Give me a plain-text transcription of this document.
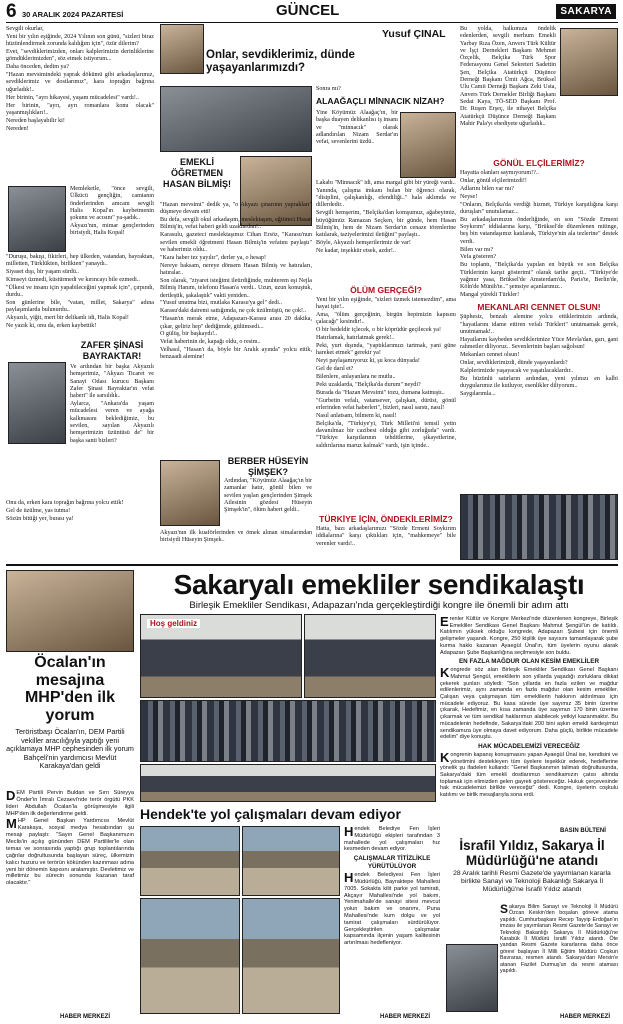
6 30 ARALIK 2024 PAZARTESİ	GÜNCEL	SAKARYA
Yusuf ÇINAL
Onlar, sevdiklerimiz, dünde yaşayanlarımızdı?

Sevgili okurlar,

Yeni bir yılın eşiğinde, 2024 Yılının son günü, "sizleri biraz hüzünlendirmek zorunda kaldığım için", özür dilerim?

Evet, "sevdiklerimizden, onları kalplerimizin derinliklerine gömdüklerimizden", söz etmek istiyorum...

Daha önceden, dedim ya?

"Hazan mevsimindeki yaprak dökümü gibi arkadaşlarımız, sevdiklerimiz ve dostlarımız", kara toprağın bağrına uğurladık!..

Her birinin, "ayrı hikayesi, yaşam mücadelesi" vardı!..

Her birinin, "ayrı, ayrı romanlara konu olacak" yaşanmışlıkları!..

Nereden başlayabilir ki!

Nereden!

Memleketle, "önce sevgili, Ülkücü gençliğin, camianın önderlerinden amcam sevgili Halis Kopal'ın kaybetmenin şokunu ve acısını" ya-şadık..

Akyazı'nın, mimar gençlerinden birisiydi, Halis Kopal!

"Duruşu, bakışı, fikirleri, hep ülkeden, vatandan, bayraktan, milletten, Türklükten, birlikten" yanaydı..

Siyaset dışı, bir yaşam sürdü..

Kimseyi üzmedi, küstürmedi ve kırıncayı bile ezmedi..

"Ülkesi ve insanı için yapabileceğini yapmak için", çırpındı, durdu..

Son günlerine bile, "vatan, millet, Sakarya" adına paylaşımlarda bulunurdu..

Akyazılı, yiğit, mert bir delikanlı idi, Halis Kopal!

Ne yazık ki, onu da, erken kaybettik!

ZAFER ŞİNASİ BAYRAKTAR!

Ve ardından bir başka Akyazılı hemşerimiz, "Akyazı Ticaret ve Sanayi Odası kurucu Başkanı Zafer Şinasi Bayraktar'ın vefat haberi" ile sarsıldık..

Aylarca, "Ankara'da yaşam mücadelesi veren ve ayağa kalkmasını beklediğimiz, bu sevilen, sayılan Akyazılı hemşerimizin üzüntüsü de" bir başka santi bizleri?

Onu da, erken kara toprağın bağrına yolcu ettik!

Gel de üzülme, yas tutma!

Sözün bittiği yer, burası ya!

EMEKLİ ÖĞRETMEN HASAN BİLMİŞ!

"Hazan mevsimi" dedik ya, "o Akyazı çınarının yaprakları" düşmeye devam etti!

Bu defa, sevgili okul arkadaşım, meslektaşım, eğitimci Hasan Bilmiş'in, vefat haberi geldi uzaklardan!..

Karasulu, gazeteci meslektaşımız Cihan Ersöz, "Karasu'nun sevilen emekli öğretmeni Hasan Bilmiş'in vefatını paylaştı" ve haberimiz oldu..

"Kara haber tez yayılır", derler ya, o hesap!

Nereye baksam, nereye dönsem Hasan Bilmiş ve hatıraları, hatıralar..

Son olarak, "ziyaret isteğimi iletirdiğinde, muhterem eşi Nejla Bilmiş Hanım, telefonu Hasan'a verdi.. Uzun, uzun konuştuk, dertleştik, şakalaştık" vakti yeniden..

"Yusuf unutma bizi, mutlaka Karasu'ya gel" dedi..

Karasu'daki dairemi sattığımda, ne çok üzülmüştü, ne çok!..

"Hasan'ın merak etme, Adapazarı-Karasu arası 20 dakika, çıkar, geliriz hep" dediğimde, gülümsedi...

O gülüş, bir başkaydı!..

Vefat haberinin de, kapağı oldu, o resim..

Velhasıl, "Hasan'ı da, böyle bir Aralık ayında" yolcu ettik, benzaadi alemine!

BERBER HÜSEYİN ŞİMŞEK?

Ardından, "Köyümüz Alaağaç'ın bir zamanlar hatır, gönül bilen ve sevilen yaşlan gençlerinden Şimşek Ailesinin gözdesi Hüseyin Şimşek'in", ölüm haberi geldi..

Akyazı'nın ilk kuaförlerinden ve ömek alınan simalarından birisiydi Hüseyin Şimşek..

Sonra mı?

ALAAĞAÇLI MİNNACIK NİZAH?

Yine Köyümüz Alaağaç'ın, bir başka duayen delikanlısı iş insanı ve "minnacık" olarak adlandırılan Nizam Serdar'ın vefat, sevenlerini üzdü..

Lakabı "Minnacık" idi, ama margal gibi bir yüreği vardı..

Yanında, çalışma imkanı bulan bir öğrenci olarak, "disiplini, çalışkanlığı, efendiliği.." hala aklımda ve dillerdedir..

Sevgili hemşerim, "Belçika'dan komşumuz, ağabeyimiz, büyüğümüz Ramazan Seçken, bir günde, hem Hasan Bilmiş'in, hem de Nizam Serdar'ın cenaze törenlerine katılarak, taziyelerimizi iletiğini" paylaştı..

Böyle, Akyazılı hemşerilerimiz de var!

Ne kadar, teşekkür etsek, azdır!..

ÖLÜM GERÇEĞİ?

Yeni bir yılın eşiğinde, "sizleri üzmek istemezdim", ama hayat işte!..

Ama, "ölüm gerçeğinin, birgün hepimizin kapısını çalacağı" kesindir!..

O bir bedeldir içlecek, o bir köprüdür geçilecek ya!

Hatırlamak, hatırlatmak gerek!..

Peki, yurt dışında, "yaptıklarımızı tartmak, yani güne hareket etmek" gerekir ya!

Neyi paylaşamıyoruz ki, şu koca dünyada!

Gel de darıl et?

Bilenlere, anlayanlara ne mutlu..

Peki uzaklarda, "Belçika'da durum" neydi?

Burada da "Hazan Mevsimi" tozu, dumana katmıştı..

"Gurbetin vefalı, vatansever, çalışkan, dürüst, gönül erlerinden vefat haberleri", bizleri, nasıl sarstı, nasıl!

Nasıl anlatsam, bilmem ki, nasıl!

Belçika'da, "Türkiye'yi, Türk Milleti'ni temsil yetin davanılmaz bir cazibesi olduğu gibi zorluğuda" vardı. "Türkiye karşıtlarının tehditlerine, şikayetlerine, saldırılarına maruz kalmak" vardı, işin içinde..

TÜRKİYE İÇİN, ÖNDEKİLERİMİZ?

Hatta, bazı arkadaşlarımızı "Sözde Ermeni Soykırım iddialarına" karşı çıktıkları için, "mahkemeye" bile verenler vardı!..

Bu yolda, halkımıza öndelik edenlerden, sevgili merhum Emekli Yarbay Rıza Özen, Anvers Türk Kültür ve İşçi Dernekleri Başkanı Mehmet Özçelik, Belçika Türk Spor Federasyonu Genel Sekreteri Sadettin Şen, Belçika Atatürkçü Düşünce Derneği Başkanı Ümit Ağca, Brüksel Ulu Camii Derneği Başkanı Zeki Usta, Anvers Türk Dernekler Birliği Başkanı Sedat Kaya, TÖ-SED Başkanı Prof. Dr. Ruşen Erşeç, ile nihayet Belçika Atatürkçü Düşünce Derneği Başkanı Mahir Pala'yı ebediyete uğurladık..

GÖNÜL ELÇİLERİMİZ?

Hayatta olanları saymıyorum!?..

Onlar, gönül elçilerimizdi!!

Adlarını bilen var mı?

Neyse!

"Onların, Belçika'da verdiği hizmet, Türkiye karşıtlığına karşı duruşları" unutulamaz...

Bu arkadaşlarımızın önderliğinde, en son "Sözde Ermeni Soykırım" iddialarına karşı, "Brüksel'de düzenlenen mitinge, beş bin vatandaşımız katılarak, Türkiye'nin ala tezlerine" destek verdi.

Bilen var mı?

Vefa gösteren?

Bu toplantı, "Belçika'da yapılan en büyük ve son Belçika Türklerinin karşıt gösterimi" olarak tarihe geçti.. "Türkiye'de yağmur yasa, Brüksel'de Amsterdam'da, Paris'te, Berlin'de, Köln'de Münih'te.." şemsiye açanlarımız..

Mangal yürekli Türkler!

MEKANLARI CENNET OLSUN!

Şüphesiz, benzah alemine yolcu ettiklerimizin ardında, "hayatlarını idame ettiren vefalı Türkleri" unutmamak gerek, unutmamak!..

Hayatlarını kaybeden sevdiklerimize Yüce Mevla'dan, garı, gani rahmetler diliyoruz.. Sevenlerinin başları sağolsun!

Mekanları cennet olsun!

Onlar, sevdiklerimizdi, dünde yaşayanlardı?

Kalplerimizde yaşayacak ve yaşatılacaklardır..

Bu hüzünlü satırların ardından, yeni yılınızı en kalbi duygularımız ile kutluyor, esenlikler diliyorum..

Saygılarımla...

Öcalan'ın mesajına MHP'den ilk yorum
Teröristbaşı Öcalan'ın, DEM Partili vekiller aracılığıyla yaptığı yeni açıklamaya MHP cephesinden ilk yorum Bahçeli'nin yardımcısı Mevlüt Karakaya'dan geldi

DEM Partili Pervin Buldan ve Sırrı Süreyya Önder'in İmralı Cezaevi'nde terör örgütü PKK lideri Abdullah Öcalan'la görüşmesiyle ilgili MHP'den ilk değerlendirme geldi.

MHP Genel Başkan Yardımcısı Mevlüt Karakaya, sosyal medya hesabından şu mesajı paylaştı: "Sayın Genel Başkanımızın Meclis'in açılış gününden DEM Partililer'le olan temas ve sonrasında yaptığı grup toplantılarında çağrılar doğrultusunda başlayan süreç, ülkemizin kalıcı huzuru ve terörün kökünden kazınması adına yeni bir dönemin kapısını aralamıştır. Devletimiz ve milletimiz bu sürecin sonunda kazanan taraf olacaktır."

HABER MERKEZİ
Sakaryalı emekliler sendikalaştı
Birleşik Emekliler Sendikası, Adapazarı'nda gerçekleştirdiği kongre ile önemli bir adım attı
Hoş geldiniz	Erenler Kültür ve Kongre Merkezi'nde düzenlenen kongreye, Birleşik Emekliler Sendikası Genel Başkanı Mahmut Şengül'ün de katıldı. Katılımın yüksek olduğu kongrede, Adapazarı Şubesi için önemli gelişmeler yaşandı. Kongre, 250 kişilik üye sayısını tamamlayarak şube kurma hakkı kazanan Ayaegül Ünal'ın, tüm üyelerin oyunu alarak Adapazarı Şube Başkanlığına seçilmesiyle son buldu.

EN FAZLA MAĞDUR OLAN KESİM EMEKLİLER

Kongrede söz alan Birleşik Emekliler Sendikası Genel Başkanı Mahmut Şengül, emeklilerin son yıllarda yaşadığı zorluklara dikkat çekerek şunları söyledi: "Son yıllarda en fazla ezilen ve mağdur edilenlerimiz, aynı zamanda en fazla mağdur olan kesim emekliler. Çalışan veya çalışmayan tüm emeklilerin hakkının aldırılması için mücadele ediyoruz. Bu kasa sürede üye sayımız 35 binin üzerine çıkarak, Hedefimiz, en kısa zamanda üye sayımızı 170 binin üzerine çıkarmak ve tüm sendikal haklarımızı alabilecek yetkiyi kazanmaktır. Bu mücadelenin hedefinde, Sakarya'daki 200 bini aşkın emekli kardeşimizi sendikamıza üye olmaya davet ediyorum. Daha güçlü, birlikte mücadele edelim" diye konuştu.

HAK MÜCADELEMİZİ VERECEĞİZ

Kongrenin kapanış konuşmasını yapan Ayaegül Ünal ise, kendisini ve yönetimini destekleyen tüm üyelere teşekkür ederek, hedeflerine yönelik şu ifadeleri kullandı: "Genel Başkanımın talimatı doğrultusunda, Sakarya'daki tüm emekli dostlarımızı sendikamızın çatısı altında toplamak için elimizden gelen gayreti göstereceğiz. Hukuk çerçevesinde hak mücadelemizi birlikte vereceğiz" dedi. Kongre, üyelerin coşkulu katılımı ve birlik mesajlarıyla sona erdi.

BASIN BÜLTENİ
Hendek'te yol çalışmaları devam ediyor

Hendek Belediye Fen İşleri Müdürlüğü ekipleri tarafından 3 mahallede yol çalışmaları hız kesmeden devam ediyor.

ÇALIŞMALAR TİTİZLİKLE YÜRÜTÜLÜYOR

Hendek Belediyesi Fen İşleri Müdürlüğü, Bayraktepe Mahallesi 7005. Sokakta kilit parke yol tamirati, Akçayır Mahallesi'nde yol bakım, Yenimahalle'de sanayi sitesi mevcut yolun bakım ve onarımı, Puna Mahallesi'nde kum dolgu ve yol tamirat çalışmaları sürdürülüyor. Gerçekleştirilen çalışmalar kapsamında ilçenin yaşam kalitesinin artırılması hedefleniyor.

HABER MERKEZİ
İsrafil Yıldız, Sakarya İl Müdürlüğü'ne atandı
28 Aralık tarihli Resmi Gazete'de yayımlanan kararla birlikte Sanayi ve Teknoloji Bakanlığı Sakarya İl Müdürlüğü'ne İsrafil Yıldız atandı

Sakarya Bilim Sanayi ve Teknoloji İl Müdürü Özcan Keskin'den boşalan göreve atama yapıldı. Cumhurbaşkanı Recep Tayyip Erdoğan'ın imzası ile yayımlanan Resmi Gazete'de Sanayi ve Teknoloji Bakanlığı Sakarya İl Müdürlüğü'ne Karabük İl Müdürü İsrafil Yıldız atandı. Öte yandan Resmi Gazete kararlarına daha önce görevi başlayan İl Milli Eğitim Müdürü Coşkun Bavraras, resmen atandı. Sakarya'dan Mersin'e atanan Fazilet Durmuş'un da resmi ataması yapıldı.

HABER MERKEZİ
